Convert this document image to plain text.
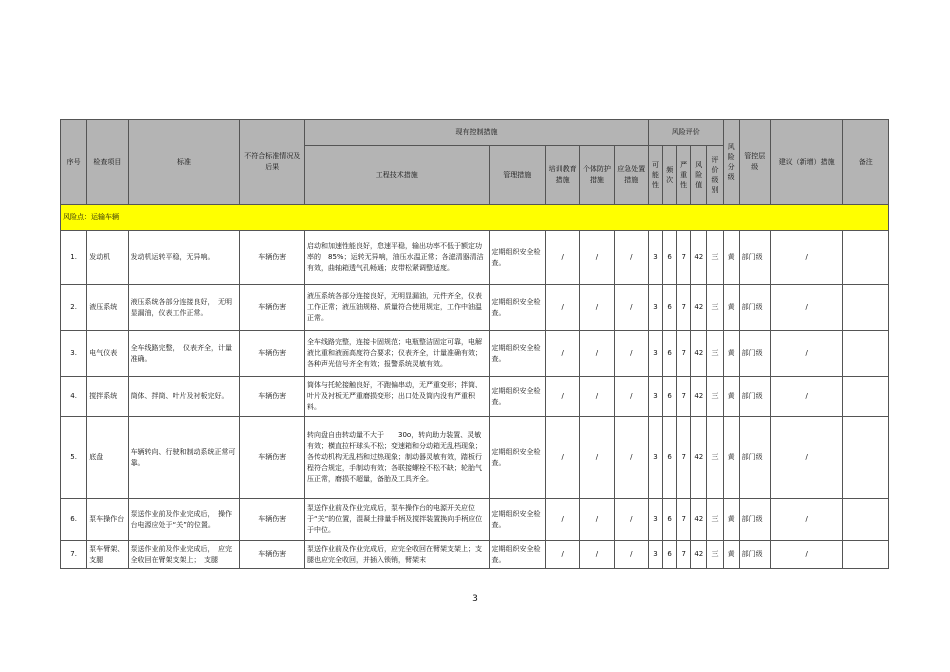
序号	检查项目	标准	不符合标准情况及后果	现有控制措施					风险评价					风险分级	管控层级	建议（新增）措施	备注
				工程技术措施	管理措施	培训教育措施	个体防护措施	应急处置措施	可能性	频次	严重性	风险值	评价级别				

风险点：运输车辆																	
1.	发动机	发动机运转平稳，无异响。	车辆伤害	启动和加速性能良好，怠速平稳，输出功率不低于额定功率的　85%；运转无异响，油压水温正常；各滤清器清洁有效，曲轴箱透气孔畅通；皮带松紧调整适度。	定期组织安全检查。	/	/	/	3	6	7	42	三	黄	部门级	/	
2.	液压系统	液压系统各部分连接良好，　无明显漏油，仪表工作正常。	车辆伤害	液压系统各部分连接良好，无明显漏油，元件齐全，仪表工作正常；液压油规格、质量符合使用规定，工作中油温正常。	定期组织安全检查。	/	/	/	3	6	7	42	三	黄	部门级	/	
3.	电气仪表	全车线路完整，　仪表齐全，计量准确。	车辆伤害	全车线路完整，连接卡固规范；电瓶整洁固定可靠，电解液比重和液面高度符合要求；仪表齐全，计量准确有效；各种声光信号齐全有效；报警系统灵敏有效。	定期组织安全检查。	/	/	/	3	6	7	42	三	黄	部门级	/	
4.	搅拌系统	筒体、拌筒、叶片及衬板完好。	车辆伤害	筒体与托轮接触良好，不跑偏串动，无严重变形；拌筒、叶片及衬板无严重磨损变形；出口处及筒内没有严重积料。	定期组织安全检查。	/	/	/	3	6	7	42	三	黄	部门级	/	
5.	底盘	车辆转向、行驶和制动系统正常可靠。	车辆伤害	转向盘自由转动量不大于　　30o，转向助力装置、灵敏有效；横直拉杆球头不松；变速箱和分动箱无乱档现象；各传动机构无乱档和过热现象；制动器灵敏有效，踏板行程符合规定，手制动有效；各联接螺栓不松不缺；轮胎气压正常，磨损不超量，备胎及工具齐全。	定期组织安全检查。	/	/	/	3	6	7	42	三	黄	部门级	/	
6.	泵车操作台	泵送作业前及作业完成后，　操作台电源应处于“关”的位置。	车辆伤害	泵送作业前及作业完成后，泵车操作台的电源开关应位于“关”的位置，混凝土排量手柄及搅拌装置换向手柄应位于中位。	定期组织安全检查。	/	/	/	3	6	7	42	三	黄	部门级	/	
7.	泵车臂架、支腿	泵送作业前及作业完成后，　应完全收回在臂架支架上；　支腿	车辆伤害	泵送作业前及作业完成后，应完全收回在臂架支架上；支腿也应完全收回，并插入锁销，臂架末	定期组织安全检查。	/	/	/	3	6	7	42	三	黄	部门级	/	
3
